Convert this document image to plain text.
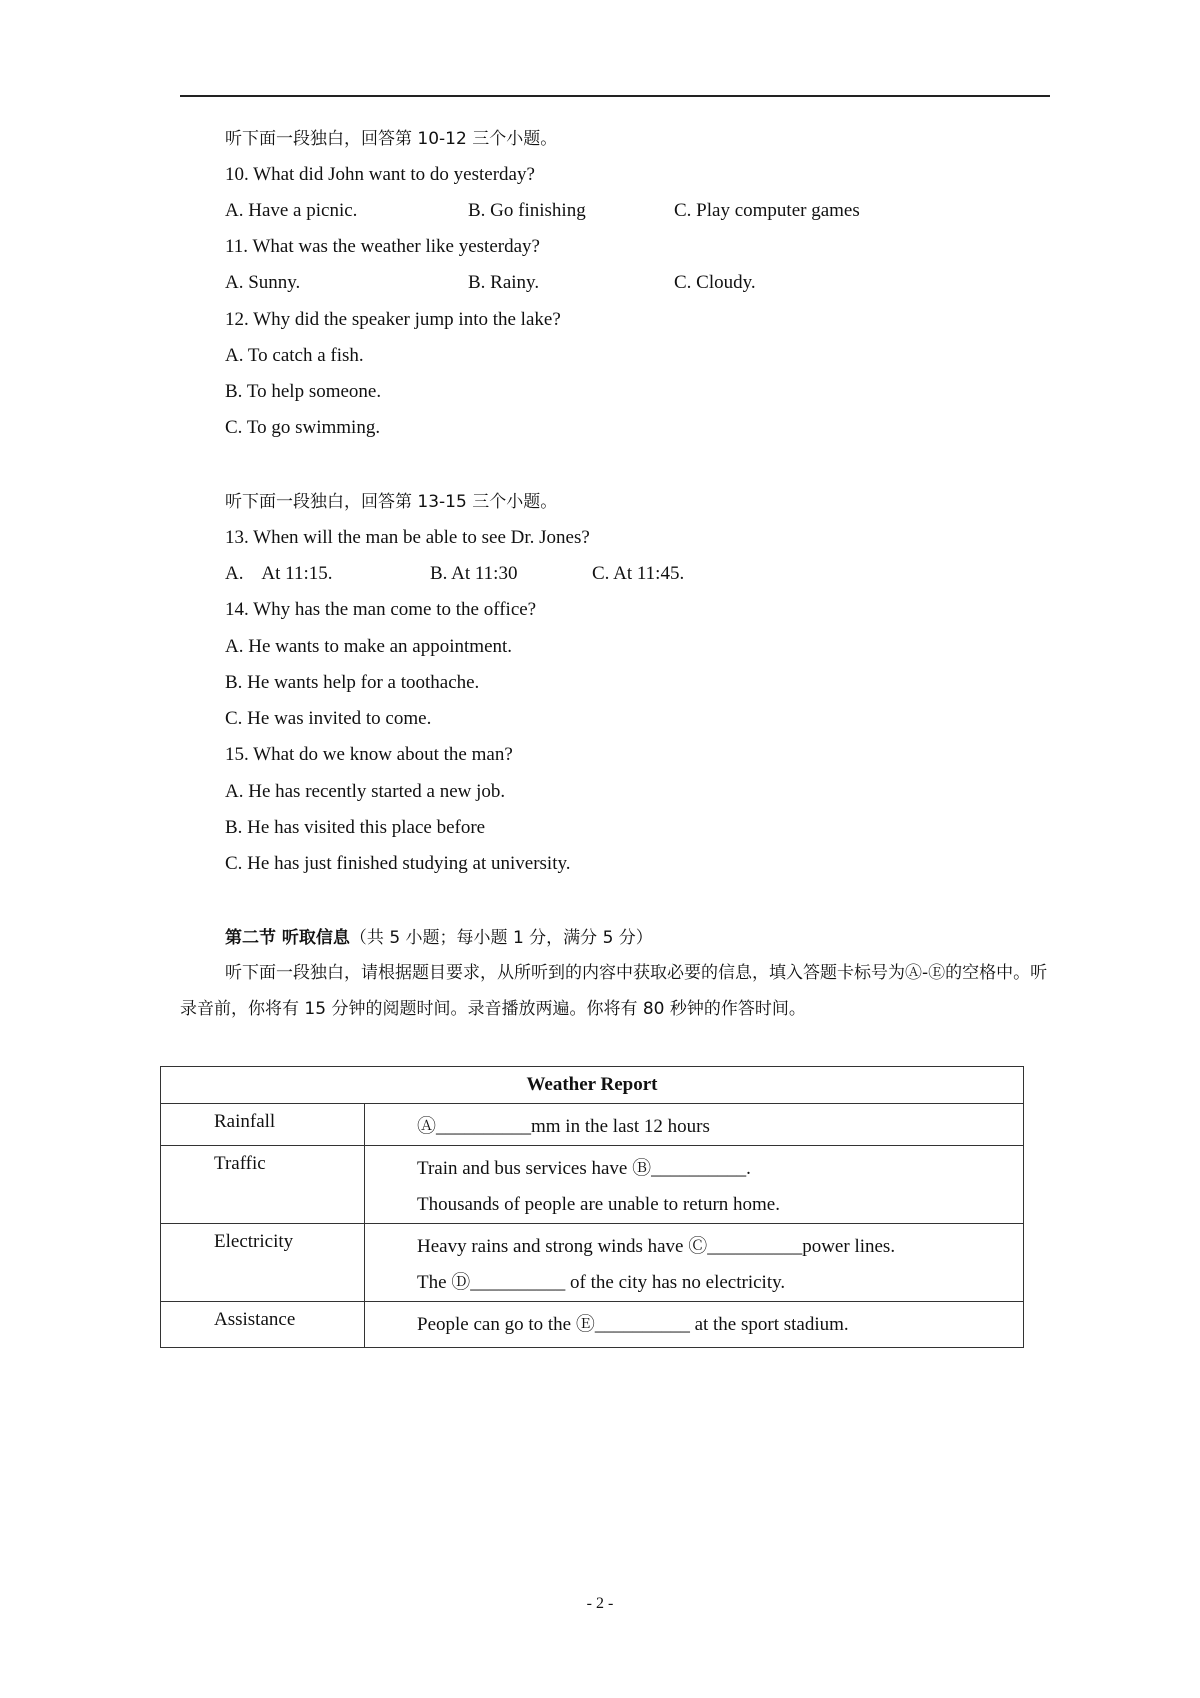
听下面一段独白，回答第 10-12 三个小题。
10. What did John want to do yesterday?
A. Have a picnic.	B. Go finishing	C. Play computer games
11. What was the weather like yesterday?
A. Sunny.	B. Rainy.	C. Cloudy.
12. Why did the speaker jump into the lake?
A. To catch a fish.
B. To help someone.
C. To go swimming.
听下面一段独白，回答第 13-15 三个小题。
13. When will the man be able to see Dr. Jones?
A.    At 11:15.	B. At 11:30	C. At 11:45.
14. Why has the man come to the office?
A. He wants to make an appointment.
B. He wants help for a toothache.
C. He was invited to come.
15. What do we know about the man?
A. He has recently started a new job.
B. He has visited this place before
C. He has just finished studying at university.
第二节 听取信息（共 5 小题；每小题 1 分，满分 5 分）
听下面一段独白，请根据题目要求，从所听到的内容中获取必要的信息，填入答题卡标号为Ⓐ-Ⓔ的空格中。听录音前，你将有 15 分钟的阅题时间。录音播放两遍。你将有 80 秒钟的作答时间。
Weather Report	
Rainfall	Ⓐ__________mm in the last 12 hours

Traffic	Train and bus services have Ⓑ__________.
Thousands of people are unable to return home.

Electricity	Heavy rains and strong winds have Ⓒ__________power lines.
The Ⓓ__________ of the city has no electricity.

Assistance	People can go to the Ⓔ__________ at the sport stadium.
- 2 -
